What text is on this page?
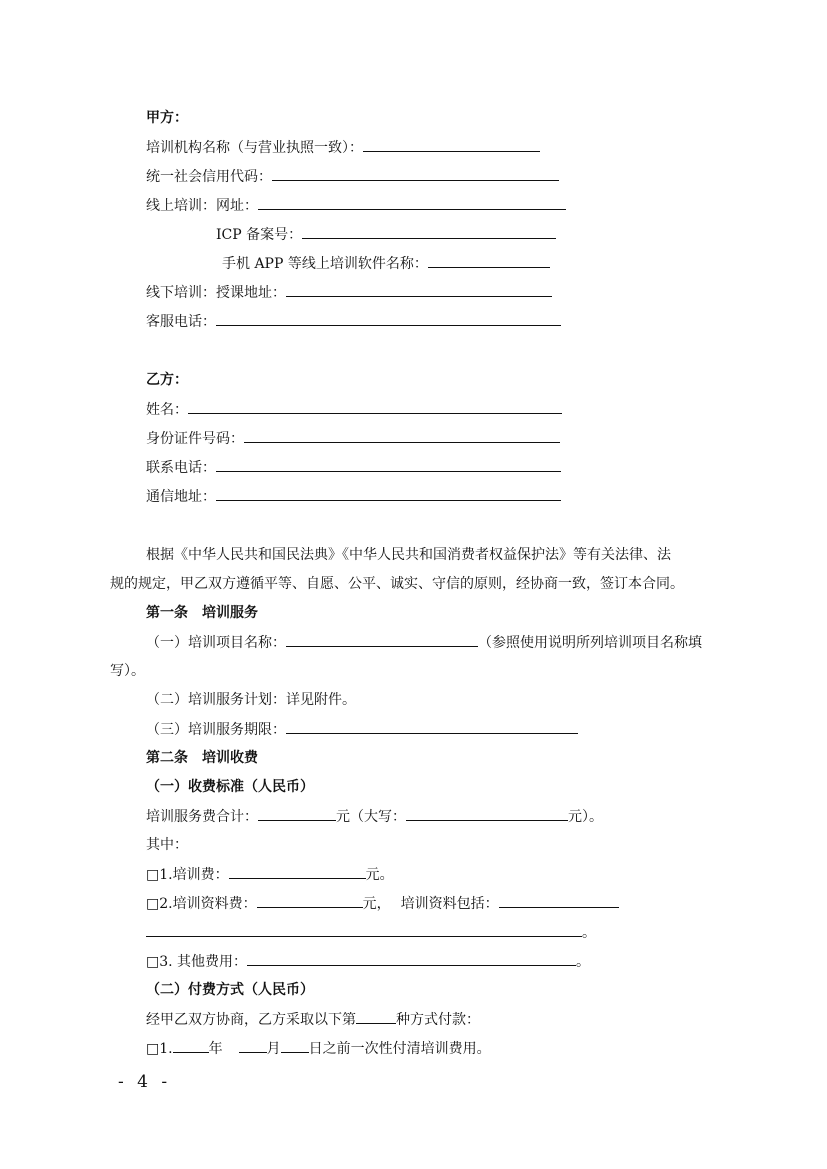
甲方：
培训机构名称（与营业执照一致）：
统一社会信用代码：
线上培训：网址：
ICP 备案号：
手机 APP 等线上培训软件名称：
线下培训：授课地址：
客服电话：
乙方：
姓名：
身份证件号码：
联系电话：
通信地址：
根据《中华人民共和国民法典》《中华人民共和国消费者权益保护法》等有关法律、法
规的规定，甲乙双方遵循平等、自愿、公平、诚实、守信的原则，经协商一致，签订本合同。
第一条　培训服务
（一）培训项目名称：	（参照使用说明所列培训项目名称填
写）。
（二）培训服务计划：详见附件。
（三）培训服务期限：
第二条　培训收费
（一）收费标准（人民币）
培训服务费合计：	元（大写：	元）。
其中：
□1.培训费：	元。
□2.培训资料费：	元， 培训资料包括：
。
□3. 其他费用：	。
（二）付费方式（人民币）
经甲乙双方协商，乙方采取以下第	种方式付款：
□1.	年	月 日之前一次性付清培训费用。
- 4 -
